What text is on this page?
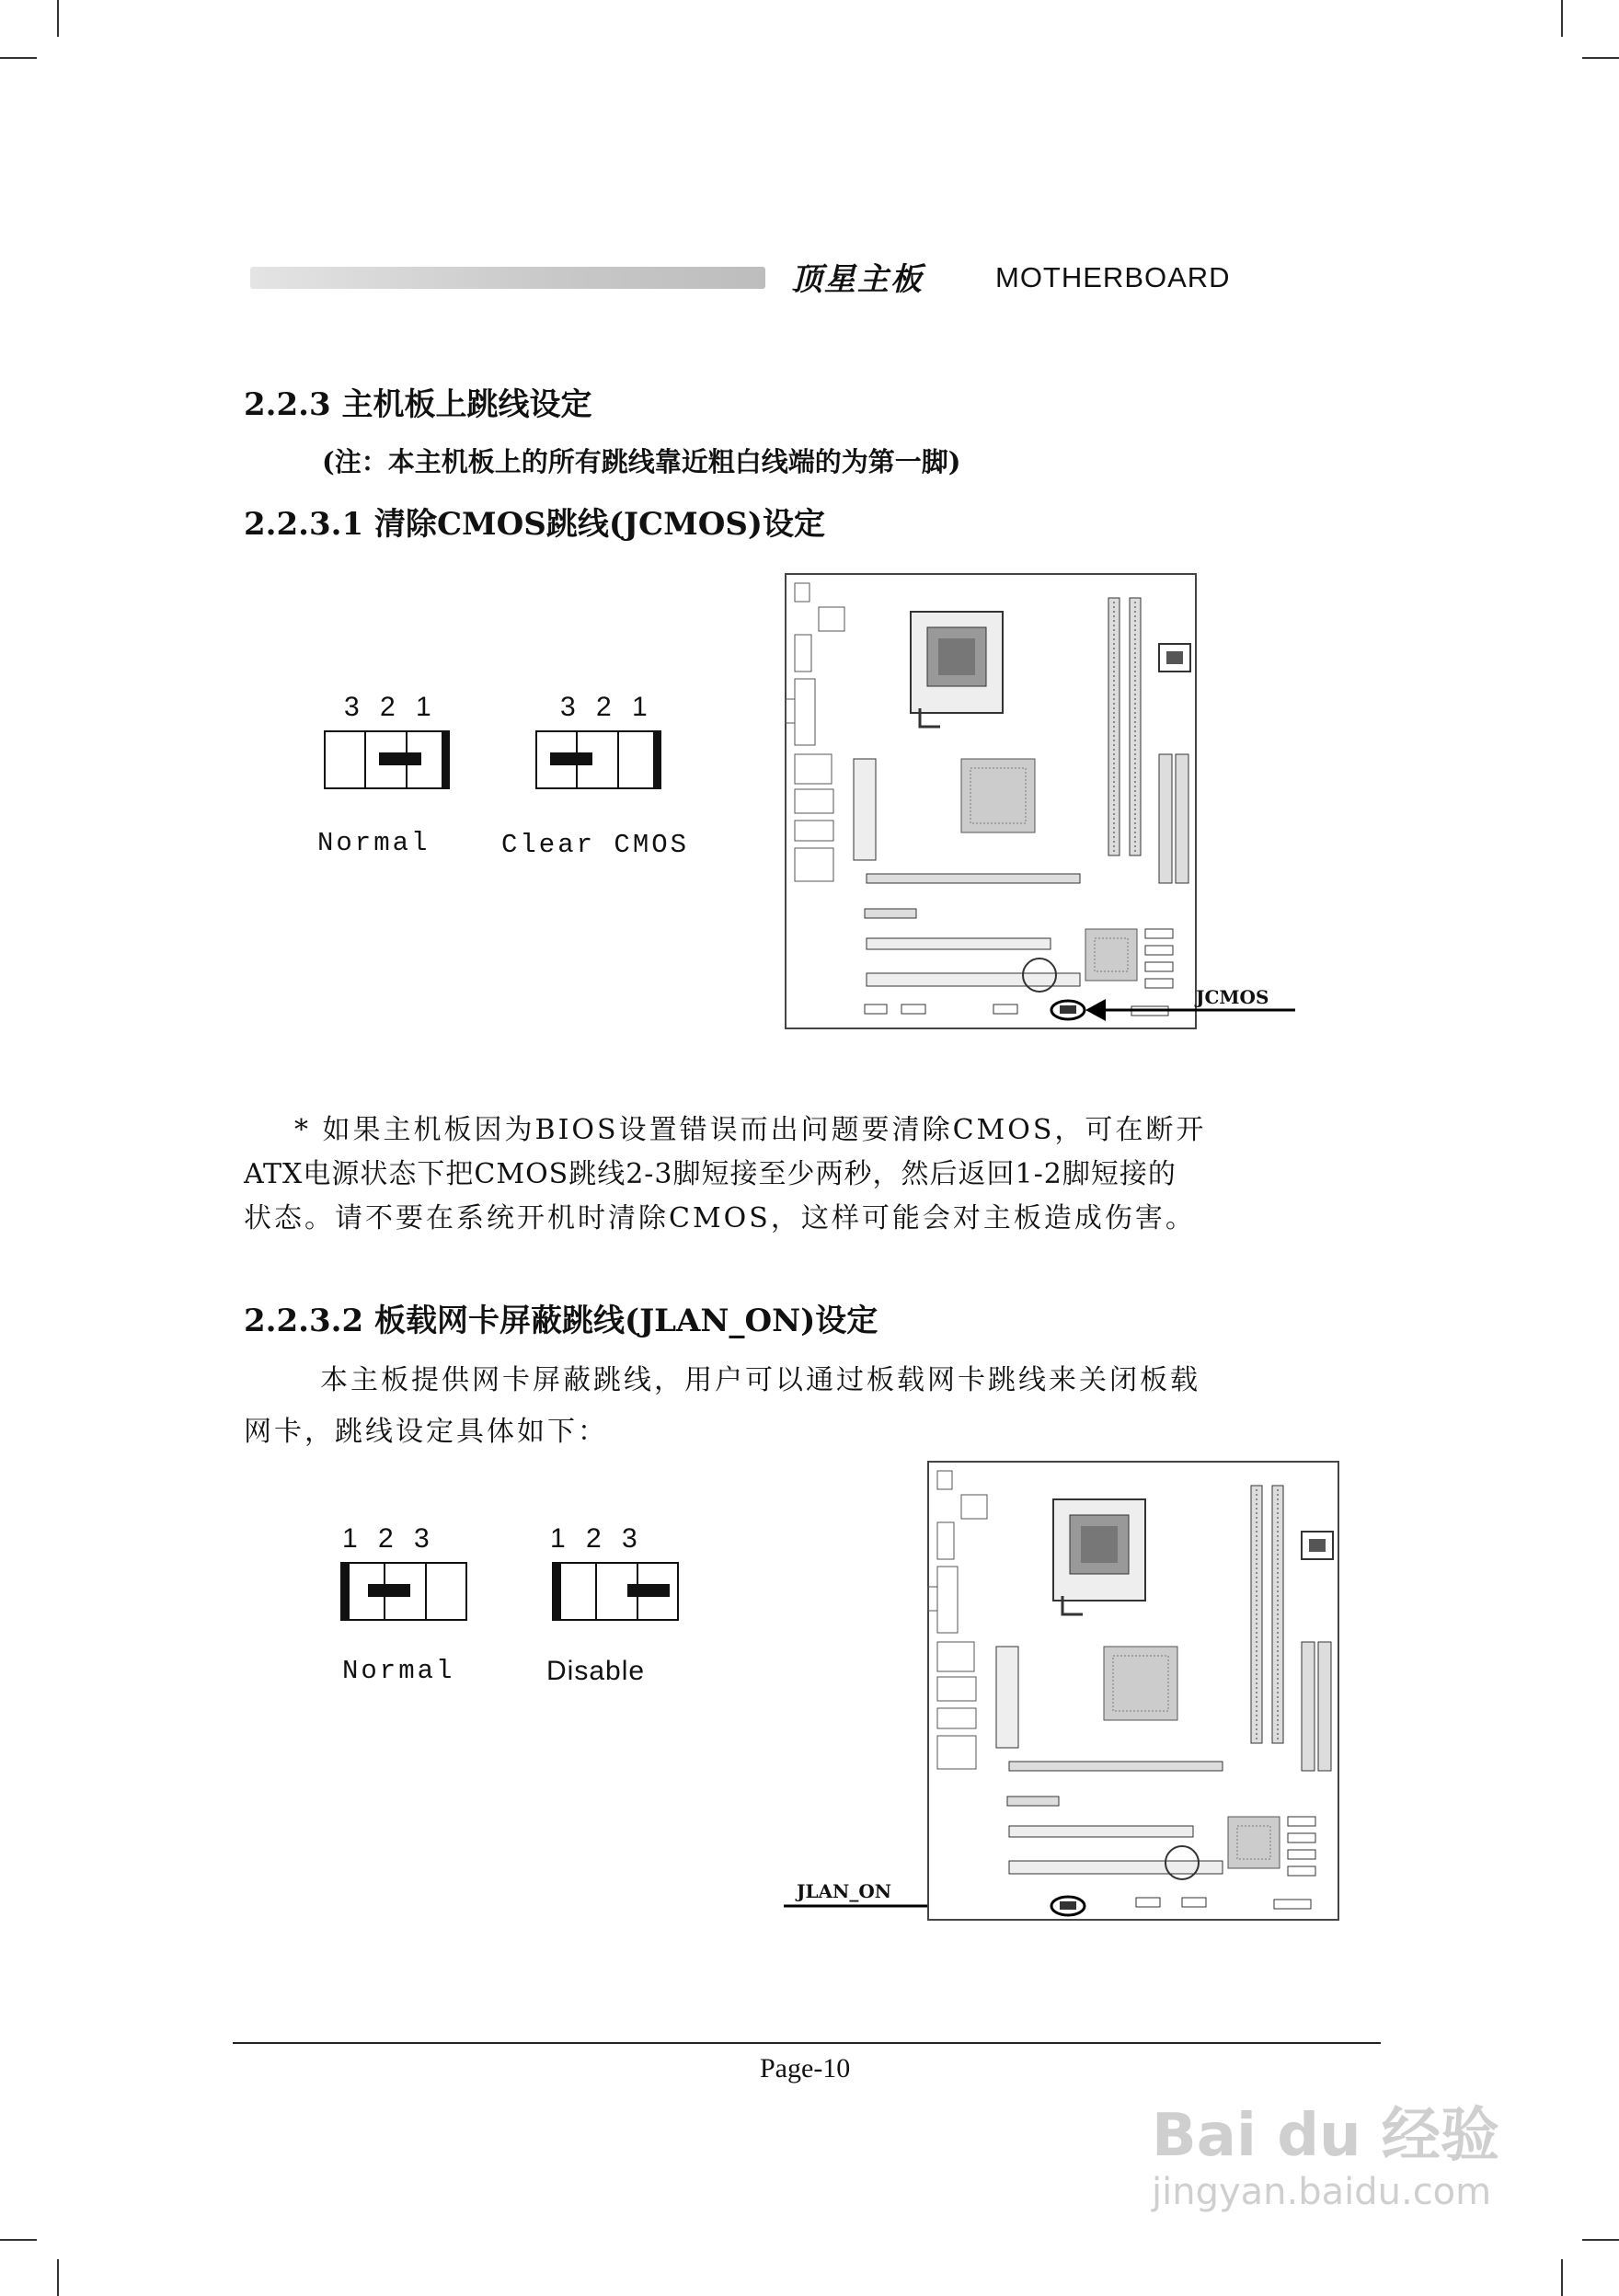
顶星主板	MOTHERBOARD
2.2.3 主机板上跳线设定
(注：本主机板上的所有跳线靠近粗白线端的为第一脚)
2.2.3.1 清除CMOS跳线(JCMOS)设定
3 2 1
Normal
3 2 1
Clear CMOS
JCMOS
* 如果主机板因为BIOS设置错误而出问题要清除CMOS，可在断开
ATX电源状态下把CMOS跳线2-3脚短接至少两秒，然后返回1-2脚短接的
状态。请不要在系统开机时清除CMOS，这样可能会对主板造成伤害。
2.2.3.2 板载网卡屏蔽跳线(JLAN_ON)设定
本主板提供网卡屏蔽跳线，用户可以通过板载网卡跳线来关闭板载
网卡，跳线设定具体如下：
1 2 3
Normal
1 2 3
Disable
JLAN_ON
Page-10
Bai du 经验
jingyan.baidu.com
